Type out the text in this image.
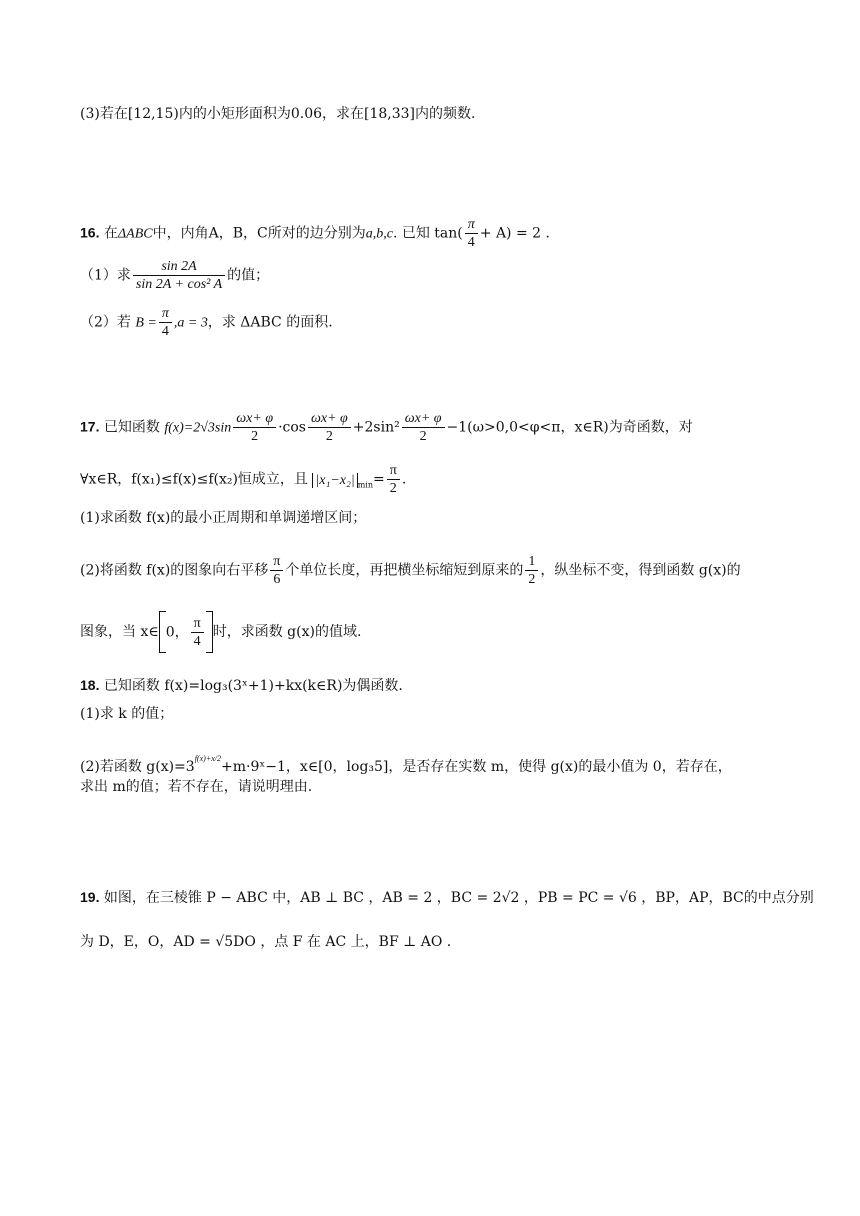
(3)若在[12,15)内的小矩形面积为0.06，求在[18,33]内的频数.
16. 在ΔABC中，内角A，B，C所对的边分别为a,b,c. 已知 $\tan( \frac{\pi}{4} + A) = 2$ .
（1）求 $\frac{\sin 2A}{\text{sin 2A + cos² A}}$ 的值；
（2）若 $B = \frac{\pi}{4} ,a = 3$，求 ΔABC 的面积.
17. 已知函数 $f(x)=2√3\sin \frac{\omega x+ \varphi}{2} \cdot\cos \frac{\omega x+ \varphi}{2} +2\sin^2 \frac{\omega x+ \varphi}{2} -1(\omega>0,0<\varphi<\pi$，x∈R)为奇函数，对
∀x∈R，f(x₁)≤f(x)≤f(x₂)恒成立，且 |x₁−x₂| $_{min}= \frac{\pi}{2}$ .
(1)求函数 f(x)的最小正周期和单调递增区间；
(2)将函数 f(x)的图象向右平移 $\frac{\pi}{6}$ 个单位长度，再把横坐标缩短到原来的 $\frac{1}{2}$ ，纵坐标不变，得到函数 g(x)的
图象，当 x∈ 0， $\frac{\pi}{4}$ 时，求函数 g(x)的值域.
18. 已知函数 f(x)=log₃(3ˣ+1)+kx(k∈R)为偶函数.
(1)求 k 的值；
(2)若函数 $g(x)=3^{f(x)+x/2}+m\cdot 9ˣ-1$，x∈[0，log₃5]，是否存在实数 m，使得 g(x)的最小值为 0，若存在，
求出 m的值；若不存在，请说明理由.
19. 如图，在三棱锥 P − ABC 中，AB ⊥ BC ，AB = 2 ，BC = 2√2 ，PB = PC = √6 ，BP，AP，BC的中点分别
为 D，E，O，AD = √5DO ，点 F 在 AC 上，BF ⊥ AO .
